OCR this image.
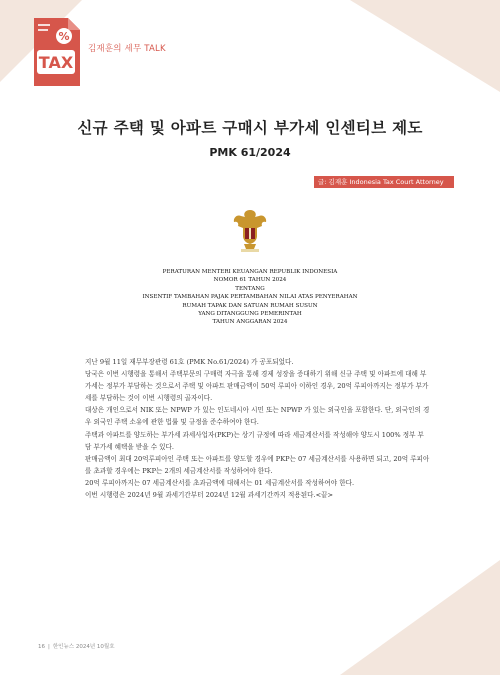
%
TAX
김재훈의 세무 TALK
신규 주택 및 아파트 구매시 부가세 인센티브 제도
PMK 61/2024
글: 김재훈 Indonesia Tax Court Attorney
PERATURAN MENTERI KEUANGAN REPUBLIK INDONESIA
NOMOR 61 TAHUN 2024
TENTANG
INSENTIF TAMBAHAN PAJAK PERTAMBAHAN NILAI ATAS PENYERAHAN
RUMAH TAPAK DAN SATUAN RUMAH SUSUN
YANG DITANGGUNG PEMERINTAH
TAHUN ANGGARAN 2024

지난 9월 11일 재무부장관령 61호 (PMK No.61/2024) 가 공포되었다.

당국은 이번 시행령을 통해서 주택부문의 구매력 자극을 통해 경제 성장을 증대하기 위해 신규 주택 및 아파트에 대해 부가세는 정부가 부담하는 것으로서 주택 및 아파트 판매금액이 50억 루피아 이하인 경우, 20억 루피아까지는 정부가 부가세를 부담하는 것이 이번 시행령의 골자이다.

대상은 개인으로서 NIK 또는 NPWP 가 있는 인도네시아 시민 또는 NPWP 가 있는 외국인을 포함한다. 단, 외국인의 경우 외국인 주택 소유에 관한 법률 및 규정을 준수하여야 한다.

주택과 아파트를 양도하는 부가세 과세사업자(PKP)는 상기 규정에 따라 세금계산서를 작성해야 양도시 100% 정부 부담 부가세 혜택을 받을 수 있다.

판매금액이 최대 20억루피아인 주택 또는 아파트를 양도할 경우에 PKP는 07 세금계산서를 사용하면 되고, 20억 루피아를 초과할 경우에는 PKP는 2개의 세금계산서를 작성하여야 한다.

20억 루피아까지는 07 세금계산서를 초과금액에 대해서는 01 세금계산서를 작성하여야 한다.

이번 시행령은 2024년 9월 과세기간부터 2024년 12월 과세기간까지 적용된다.<끝>

16 | 한인뉴스 2024년 10월호
